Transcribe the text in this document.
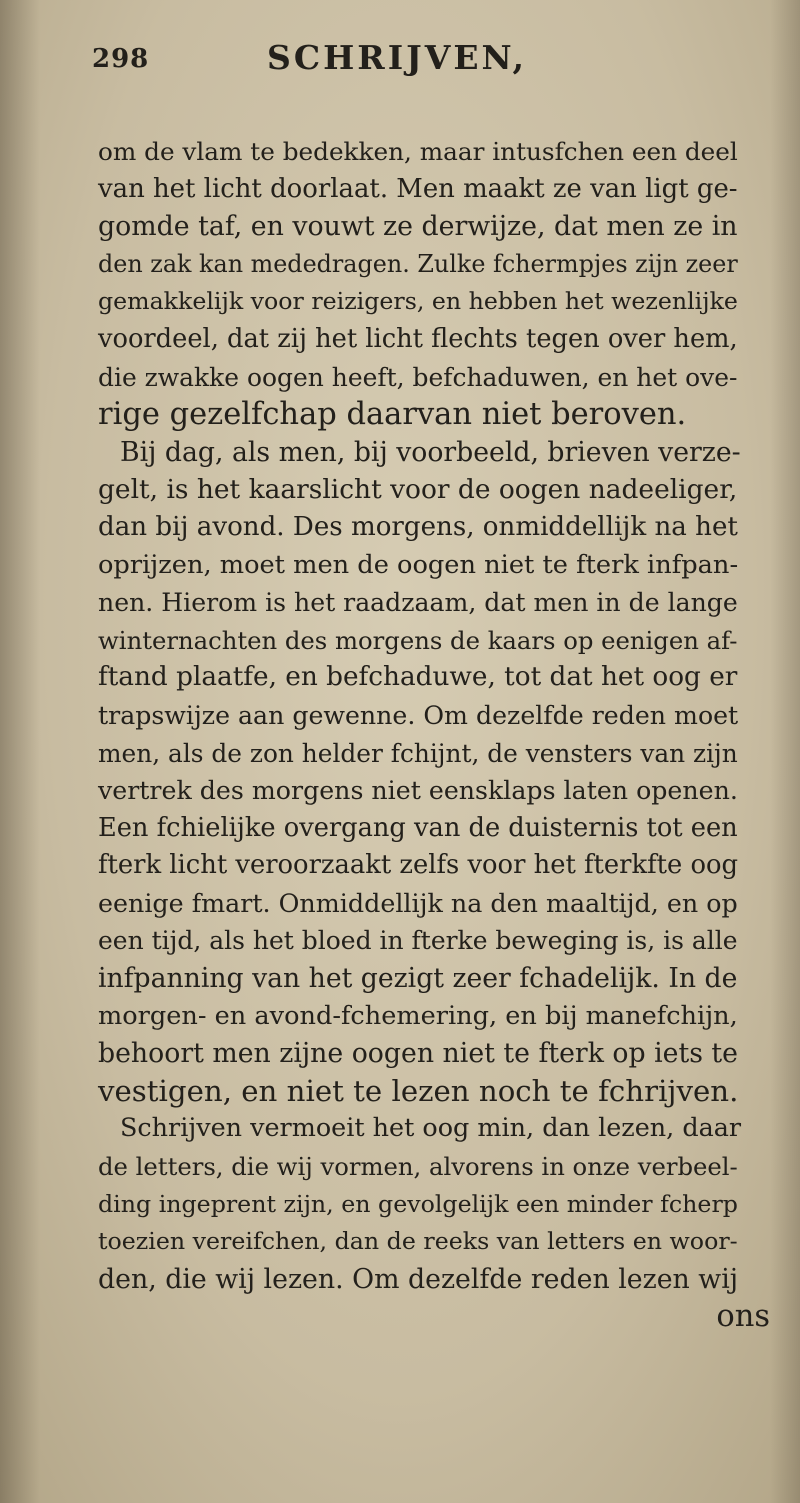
298	SCHRIJVEN,
om de vlam te bedekken, maar intusfchen een deel
van het licht doorlaat. Men maakt ze van ligt ge-
gomde taf, en vouwt ze derwijze, dat men ze in
den zak kan mededragen. Zulke fchermpjes zijn zeer
gemakkelijk voor reizigers, en hebben het wezenlijke
voordeel, dat zij het licht flechts tegen over hem,
die zwakke oogen heeft, befchaduwen, en het ove-
rige gezelfchap daarvan niet beroven.
Bij dag, als men, bij voorbeeld, brieven verze-
gelt, is het kaarslicht voor de oogen nadeeliger,
dan bij avond. Des morgens, onmiddellijk na het
oprijzen, moet men de oogen niet te fterk infpan-
nen. Hierom is het raadzaam, dat men in de lange
winternachten des morgens de kaars op eenigen af-
ftand plaatfe, en befchaduwe, tot dat het oog er
trapswijze aan gewenne. Om dezelfde reden moet
men, als de zon helder fchijnt, de vensters van zijn
vertrek des morgens niet eensklaps laten openen.
Een fchielijke overgang van de duisternis tot een
fterk licht veroorzaakt zelfs voor het fterkfte oog
eenige fmart. Onmiddellijk na den maaltijd, en op
een tijd, als het bloed in fterke beweging is, is alle
infpanning van het gezigt zeer fchadelijk. In de
morgen- en avond-fchemering, en bij manefchijn,
behoort men zijne oogen niet te fterk op iets te
vestigen, en niet te lezen noch te fchrijven.
Schrijven vermoeit het oog min, dan lezen, daar
de letters, die wij vormen, alvorens in onze verbeel-
ding ingeprent zijn, en gevolgelijk een minder fcherp
toezien vereifchen, dan de reeks van letters en woor-
den, die wij lezen. Om dezelfde reden lezen wij
ons
